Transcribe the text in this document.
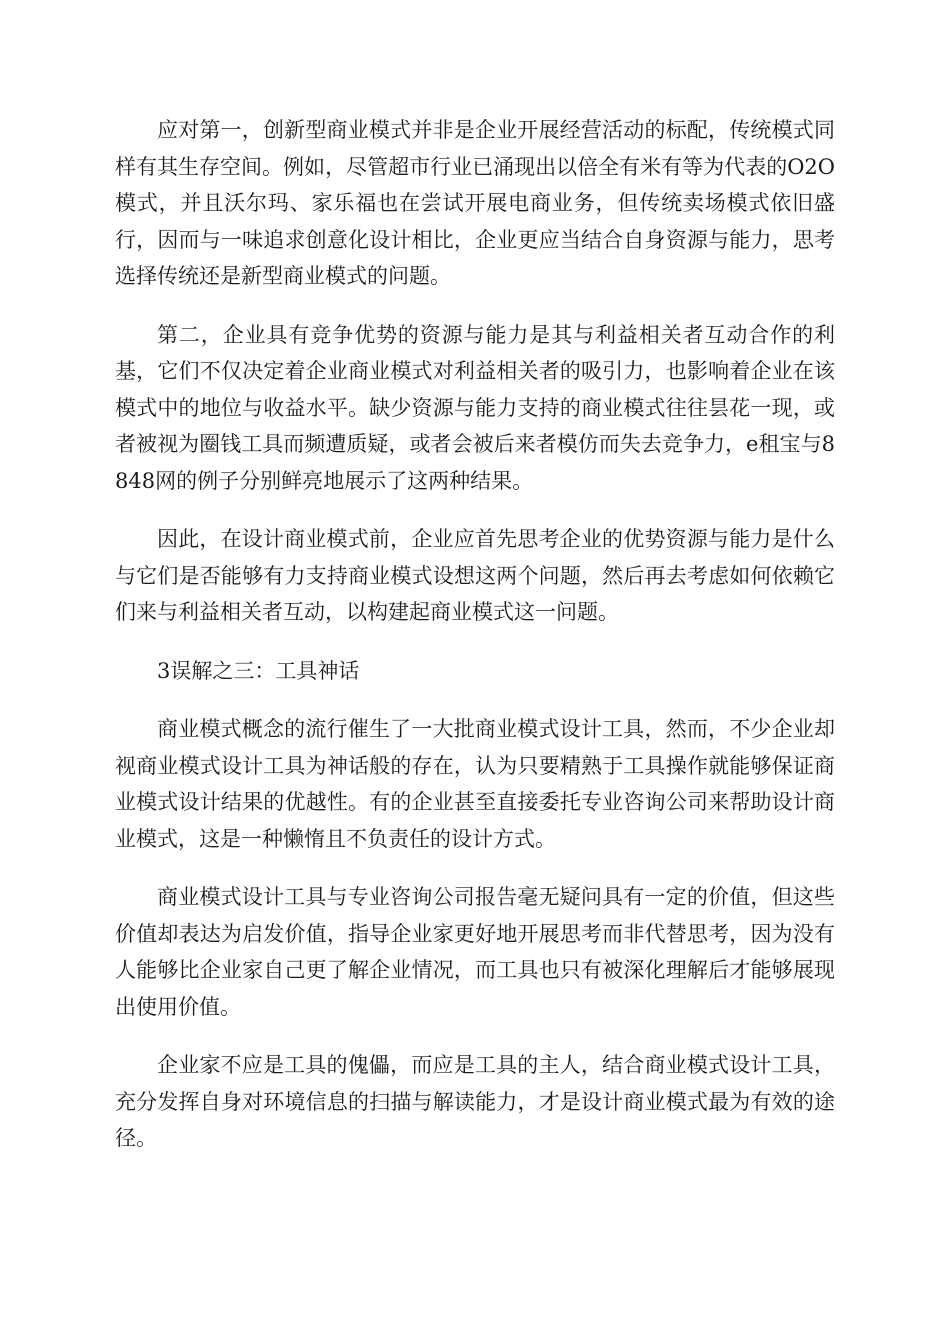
应对第一，创新型商业模式并非是企业开展经营活动的标配，传统模式同样有其生存空间。例如，尽管超市行业已涌现出以倍全有米有等为代表的O2O模式，并且沃尔玛、家乐福也在尝试开展电商业务，但传统卖场模式依旧盛行，因而与一味追求创意化设计相比，企业更应当结合自身资源与能力，思考选择传统还是新型商业模式的问题。

第二，企业具有竞争优势的资源与能力是其与利益相关者互动合作的利基，它们不仅决定着企业商业模式对利益相关者的吸引力，也影响着企业在该模式中的地位与收益水平。缺少资源与能力支持的商业模式往往昙花一现，或者被视为圈钱工具而频遭质疑，或者会被后来者模仿而失去竞争力，e租宝与8848网的例子分别鲜亮地展示了这两种结果。

因此，在设计商业模式前，企业应首先思考企业的优势资源与能力是什么与它们是否能够有力支持商业模式设想这两个问题，然后再去考虑如何依赖它们来与利益相关者互动，以构建起商业模式这一问题。

3误解之三：工具神话

商业模式概念的流行催生了一大批商业模式设计工具，然而，不少企业却视商业模式设计工具为神话般的存在，认为只要精熟于工具操作就能够保证商业模式设计结果的优越性。有的企业甚至直接委托专业咨询公司来帮助设计商业模式，这是一种懒惰且不负责任的设计方式。

商业模式设计工具与专业咨询公司报告毫无疑问具有一定的价值，但这些价值却表达为启发价值，指导企业家更好地开展思考而非代替思考，因为没有人能够比企业家自己更了解企业情况，而工具也只有被深化理解后才能够展现出使用价值。

企业家不应是工具的傀儡，而应是工具的主人，结合商业模式设计工具，充分发挥自身对环境信息的扫描与解读能力，才是设计商业模式最为有效的途径。
